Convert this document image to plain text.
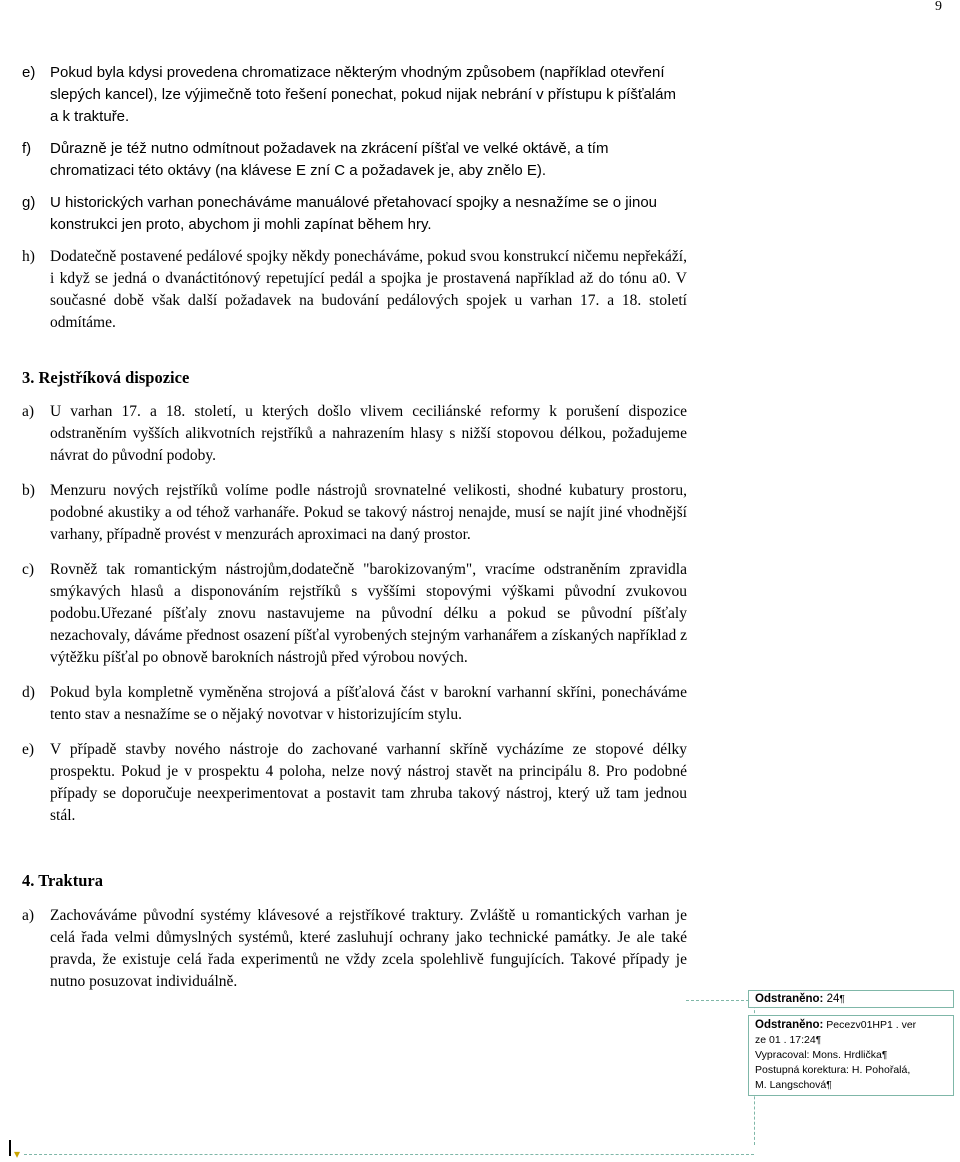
9
e) Pokud byla kdysi provedena chromatizace některým vhodným způsobem (například otevření slepých kancel), lze výjimečně toto řešení ponechat, pokud nijak nebrání v přístupu k píšťalám a k traktuře.
f)	Důrazně je též nutno odmítnout požadavek na zkrácení píšťal ve velké oktávě, a tím chromatizaci této oktávy (na klávese E zní C a požadavek je, aby znělo E).
g) U historických varhan ponecháváme manuálové přetahovací spojky a nesnažíme se o jinou konstrukci jen proto, abychom ji mohli zapínat během hry.
h) Dodatečně postavené pedálové spojky někdy ponecháváme, pokud svou konstrukcí ničemu nepřekáží, i když se jedná o dvanáctitónový repetující pedál a spojka je prostavená například až do tónu a0. V současné době však další požadavek na budování pedálových spojek u varhan 17. a 18. století odmítáme.
3. Rejstříková dispozice
a)	U varhan 17. a 18. století, u kterých došlo vlivem ceciliánské reformy k porušení dispozice odstraněním vyšších alikvotních rejstříků a nahrazením hlasy s nižší stopovou délkou, požadujeme návrat do původní podoby.
b) Menzuru nových rejstříků volíme podle nástrojů srovnatelné velikosti, shodné kubatury prostoru, podobné akustiky a od téhož varhanáře. Pokud se takový nástroj nenajde, musí se najít jiné vhodnější varhany, případně provést v menzurách aproximaci na daný prostor.
c)	Rovněž tak romantickým nástrojům,dodatečně "barokizovaným", vracíme odstraněním zpravidla smýkavých hlasů a disponováním rejstříků s vyššími stopovými výškami původní zvukovou podobu.Uřezané píšťaly znovu nastavujeme na původní délku a pokud se původní píšťaly nezachovaly, dáváme přednost osazení píšťal vyrobených stejným varhanářem a získaných například z výtěžku píšťal po obnově barokních nástrojů před výrobou nových.
d) Pokud byla kompletně vyměněna strojová a píšťalová část v barokní varhanní skříni, ponecháváme tento stav a nesnažíme se o nějaký novotvar v historizujícím stylu.
e)	V případě stavby nového nástroje do zachované varhanní skříně vycházíme ze stopové délky prospektu. Pokud je v prospektu 4 poloha, nelze nový nástroj stavět na principálu 8. Pro podobné případy se doporučuje neexperimentovat a postavit tam zhruba takový nástroj, který už tam jednou stál.
4. Traktura
a)	Zachováváme původní systémy klávesové a rejstříkové traktury. Zvláště u romantických varhan je celá řada velmi důmyslných systémů, které zasluhují ochrany jako technické památky. Je ale také pravda, že existuje celá řada experimentů ne vždy zcela spolehlivě fungujících. Takové případy je nutno posuzovat individuálně.
Odstraněno: 24¶
Odstraněno: Pecezv01HP1 . ver
ze 01 . 17:24¶
Vypracoval: Mons. Hrdlička¶
Postupná korektura: H. Pohořalá,
M. Langschová¶
▾
